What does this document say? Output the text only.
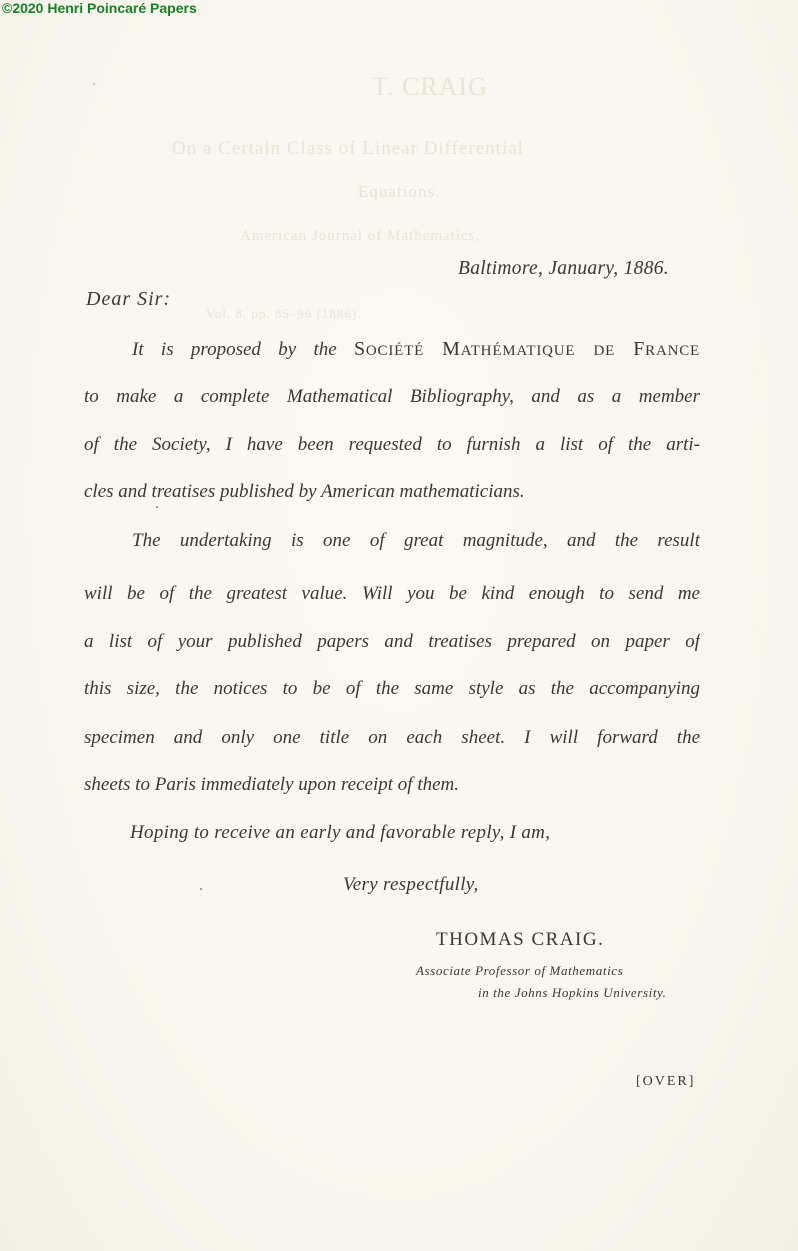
©2020 Henri Poincaré Papers
T. CRAIG
On a Certain Class of Linear Differential
Equations.
American Journal of Mathematics,
Vol. 8, pp. 85–96 (1886).
Baltimore, January, 1886.
Dear Sir:
It is proposed by the SOCIÉTÉ MATHÉMATIQUE DE FRANCE
to make a complete Mathematical Bibliography, and as a member
of the Society, I have been requested to furnish a list of the arti-
cles and treatises published by American mathematicians.
The undertaking is one of great magnitude, and the result
will be of the greatest value. Will you be kind enough to send me
a list of your published papers and treatises prepared on paper of
this size, the notices to be of the same style as the accompanying
specimen and only one title on each sheet. I will forward the
sheets to Paris immediately upon receipt of them.
Hoping to receive an early and favorable reply, I am,
Very respectfully,
THOMAS CRAIG.
Associate Professor of Mathematics
in the Johns Hopkins University.
[OVER]
